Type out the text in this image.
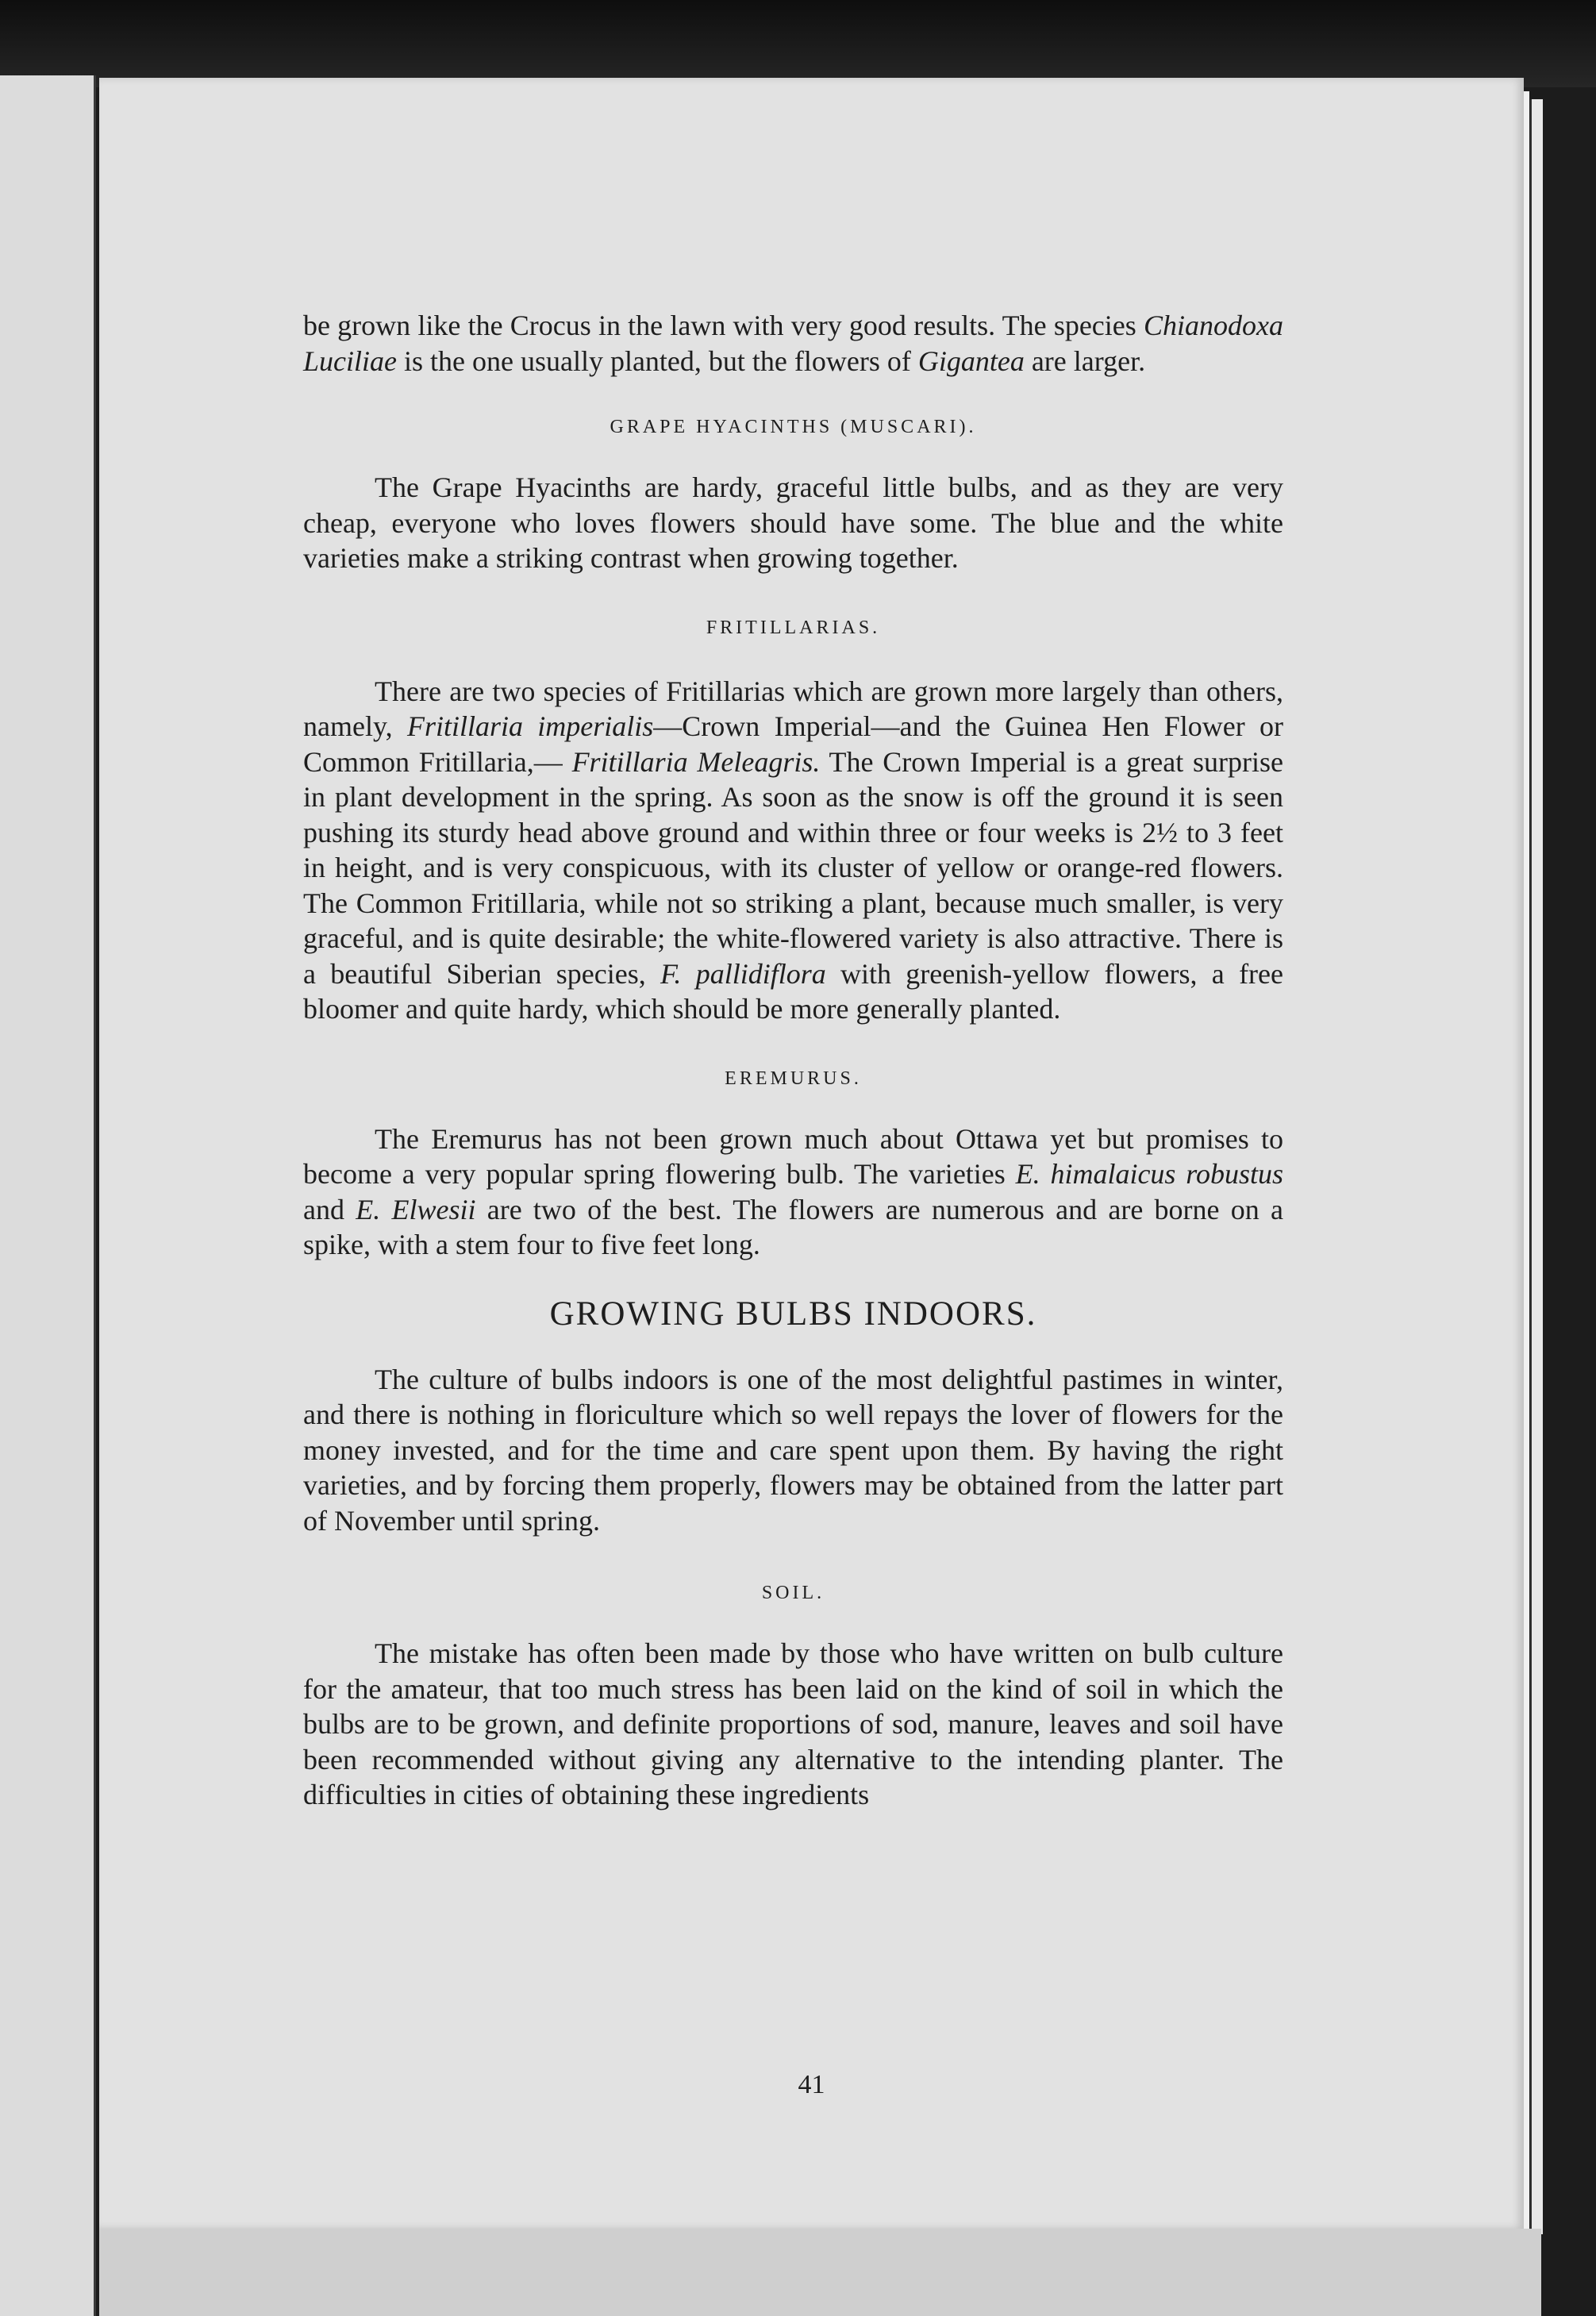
41

be grown like the Crocus in the lawn with very good results. The species Chianodoxa Luciliae is the one usually planted, but the flowers of Gigantea are larger.

GRAPE HYACINTHS (MUSCARI).

The Grape Hyacinths are hardy, graceful little bulbs, and as they are very cheap, everyone who loves flowers should have some. The blue and the white varieties make a striking contrast when growing together.

FRITILLARIAS.

There are two species of Fritillarias which are grown more largely than others, namely, Fritillaria imperialis—Crown Imperial—and the Guinea Hen Flower or Common Fritillaria,— Fritillaria Meleagris. The Crown Imperial is a great surprise in plant development in the spring. As soon as the snow is off the ground it is seen pushing its sturdy head above ground and within three or four weeks is 2½ to 3 feet in height, and is very conspicuous, with its cluster of yellow or orange-red flowers. The Common Fritillaria, while not so striking a plant, because much smaller, is very graceful, and is quite desirable; the white-flowered variety is also attractive. There is a beautiful Siberian species, F. pallidiflora with greenish-yellow flowers, a free bloomer and quite hardy, which should be more generally planted.

EREMURUS.

The Eremurus has not been grown much about Ottawa yet but promises to become a very popular spring flowering bulb. The varieties E. himalaicus robustus and E. Elwesii are two of the best. The flowers are numerous and are borne on a spike, with a stem four to five feet long.

GROWING BULBS INDOORS.

The culture of bulbs indoors is one of the most delightful pastimes in winter, and there is nothing in floriculture which so well repays the lover of flowers for the money invested, and for the time and care spent upon them. By having the right varieties, and by forcing them properly, flowers may be obtained from the latter part of November until spring.

SOIL.

The mistake has often been made by those who have written on bulb culture for the amateur, that too much stress has been laid on the kind of soil in which the bulbs are to be grown, and definite proportions of sod, manure, leaves and soil have been recommended without giving any alternative to the intending planter. The difficulties in cities of obtaining these ingredients
